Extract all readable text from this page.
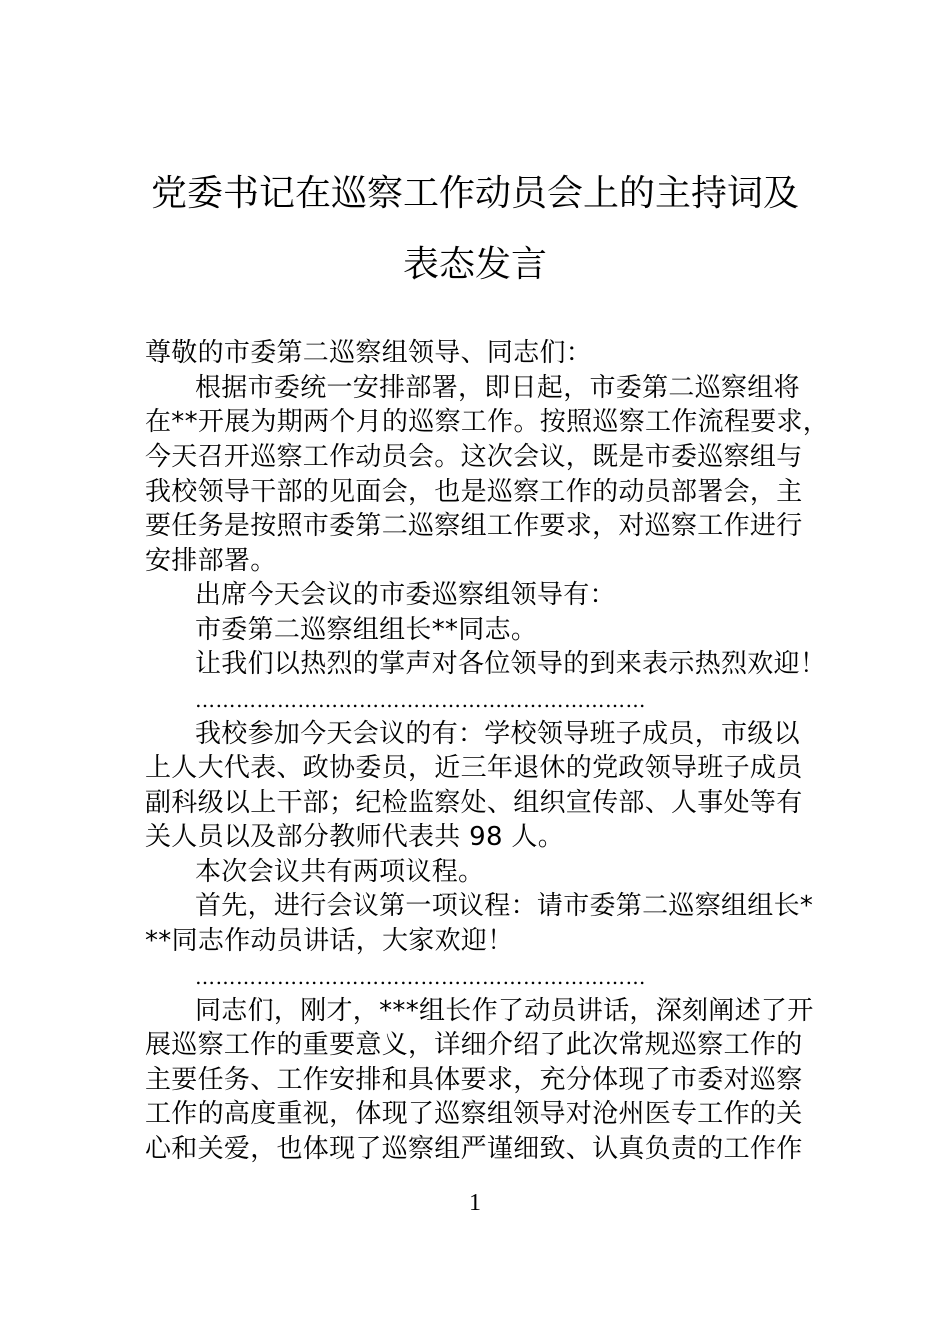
党委书记在巡察工作动员会上的主持词及
表态发言
尊敬的市委第二巡察组领导、同志们：
根据市委统一安排部署，即日起，市委第二巡察组将
在**开展为期两个月的巡察工作。按照巡察工作流程要求，
今天召开巡察工作动员会。这次会议，既是市委巡察组与
我校领导干部的见面会，也是巡察工作的动员部署会，主
要任务是按照市委第二巡察组工作要求，对巡察工作进行
安排部署。
出席今天会议的市委巡察组领导有：
市委第二巡察组组长**同志。
让我们以热烈的掌声对各位领导的到来表示热烈欢迎！
…………………………………………………………
我校参加今天会议的有：学校领导班子成员，市级以
上人大代表、政协委员，近三年退休的党政领导班子成员
副科级以上干部；纪检监察处、组织宣传部、人事处等有
关人员以及部分教师代表共 98 人。
本次会议共有两项议程。
首先，进行会议第一项议程：请市委第二巡察组组长*
**同志作动员讲话，大家欢迎！
…………………………………………………………
同志们，刚才，***组长作了动员讲话，深刻阐述了开
展巡察工作的重要意义，详细介绍了此次常规巡察工作的
主要任务、工作安排和具体要求，充分体现了市委对巡察
工作的高度重视，体现了巡察组领导对沧州医专工作的关
心和关爱，也体现了巡察组严谨细致、认真负责的工作作
1
